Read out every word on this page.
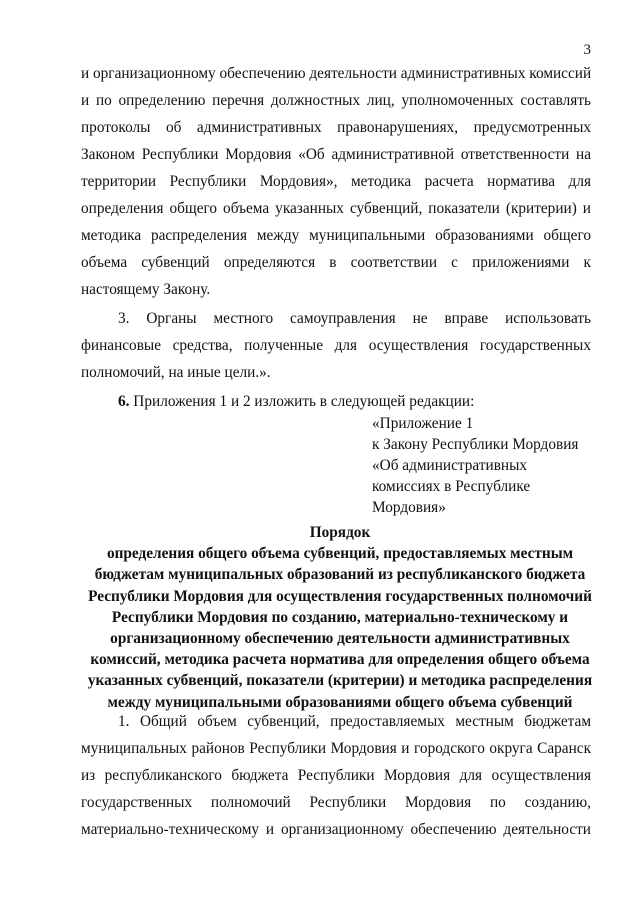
3
и организационному обеспечению деятельности административных комиссий
и по определению перечня должностных лиц, уполномоченных составлять
протоколы об административных правонарушениях, предусмотренных
Законом Республики Мордовия «Об административной ответственности на
территории Республики Мордовия», методика расчета норматива для
определения общего объема указанных субвенций, показатели (критерии) и
методика распределения между муниципальными образованиями общего
объема субвенций определяются в соответствии с приложениями к
настоящему Закону.
3. Органы местного самоуправления не вправе использовать
финансовые средства, полученные для осуществления государственных
полномочий, на иные цели.».
6. Приложения 1 и 2 изложить в следующей редакции:
«Приложение 1
к Закону Республики Мордовия
«Об административных
комиссиях в Республике
Мордовия»
Порядок
определения общего объема субвенций, предоставляемых местным
бюджетам муниципальных образований из республиканского бюджета
Республики Мордовия для осуществления государственных полномочий
Республики Мордовия по созданию, материально-техническому и
организационному обеспечению деятельности административных
комиссий, методика расчета норматива для определения общего объема
указанных субвенций, показатели (критерии) и методика распределения
между муниципальными образованиями общего объема субвенций
1. Общий объем субвенций, предоставляемых местным бюджетам
муниципальных районов Республики Мордовия и городского округа Саранск
из республиканского бюджета Республики Мордовия для осуществления
государственных полномочий Республики Мордовия по созданию,
материально-техническому и организационному обеспечению деятельности
